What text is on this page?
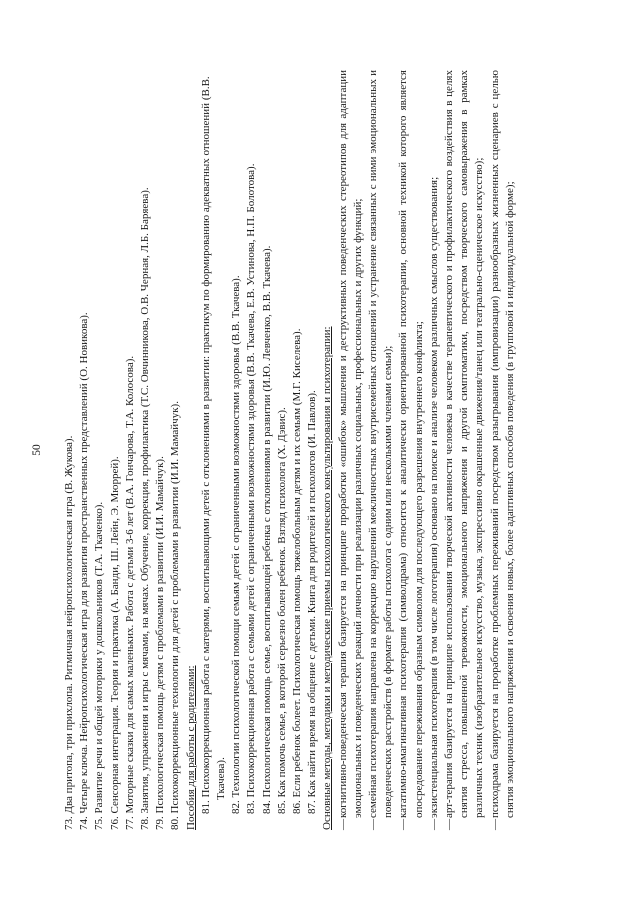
50

73. Два притопа, три прихлопа. Ритмичная нейропсихологическая игра (В. Жукова).

74. Четыре ключа. Нейропсихологическая игра для развития пространственных представлений (О. Новикова).

75. Развитие речи и общей моторики у дошкольников (Т.А. Ткаченко).

76. Сенсорная интеграция. Теория и практика (А. Банди, Ш. Лейн, Э. Мюррей).

77. Моторные сказки для самых маленьких. Работа с детьми 3-6 лет (В.А. Гончарова, Т.А. Колосова).

78. Занятия, упражнения и игры с мячами, на мячах. Обучение, коррекция, профилактика (Т.С. Овчинникова, О.В. Черная, Л.Б. Баряева).

79. Психологическая помощь детям с проблемами в развитии (И.И. Мамайчук).

80. Психокоррекционные технологии для детей с проблемами в развитии (И.И. Мамайчук). Пособия для работы с родителями: 81. Психокоррекционная работа с матерями, воспитывающими детей с отклонениями в развитии: практикум по формированию адекватных отношений (В.В. Ткачева).

82. Технологии психологической помощи семьям детей с ограниченными возможностями здоровья (В.В. Ткачева).

83. Психокоррекционная работа с семьями детей с ограниченными возможностями здоровья (В.В. Ткачева, Е.В. Устинова, Н.П. Болотова).

84. Психологическая помощь семье, воспитывающей ребенка с отклонениями в развитии (И.Ю. Левченко, В.В. Ткачева).

85. Как помочь семье, в которой серьезно болен ребенок. Взгляд психолога (Х. Дэвис).

86. Если ребенок болеет. Психологическая помощь тяжелобольным детям и их семьям (М.Г. Киселева).

87. Как найти время на общение с детьми. Книга для родителей и психологов (И. Павлов). Основные методы, методики и методические приемы психологического консультирования и психотерапии: —когнитивно-поведенческая терапия базируется на принципе проработки «ошибок» мышления и деструктивных поведенческих стереотипов для адаптации эмоциональных и поведенческих реакций личности при реализации различных социальных, профессиональных и других функций;

—семейная психотерапия направлена на коррекцию нарушений межличностных внутрисемейных отношений и устранение связанных с ними эмоциональных и поведенческих расстройств (в формате работы психолога с одним или несколькими членами семьи);

—кататимно-имагинативная психотерапия (символдрама) относится к аналитически ориентированной психотерапии, основной техникой которого является опосредование переживания образным символом для последующего разрешения внутреннего конфликта;

—экзистенциальная психотерапия (в том числе логотерапия) основано на поиске и анализе человеком различных смыслов существования;

—арт-терапия базируется на принципе использования творческой активности человека в качестве терапевтического и профилактического воздействия в целях снятия стресса, повышенной тревожности, эмоционального напряжения и другой симптоматики, посредством творческого самовыражения в рамках различных техник (изобразительное искусство, музыка, экспрессивно окрашенные движения/танец или театрально-сценическое искусство);

—психодрама базируется на проработке проблемных переживаний посредством разыгрывания (импровизации) разнообразных жизненных сценариев с целью снятия эмоционального напряжения и освоения новых, более адаптивных способов поведения (в групповой и индивидуальной форме);
